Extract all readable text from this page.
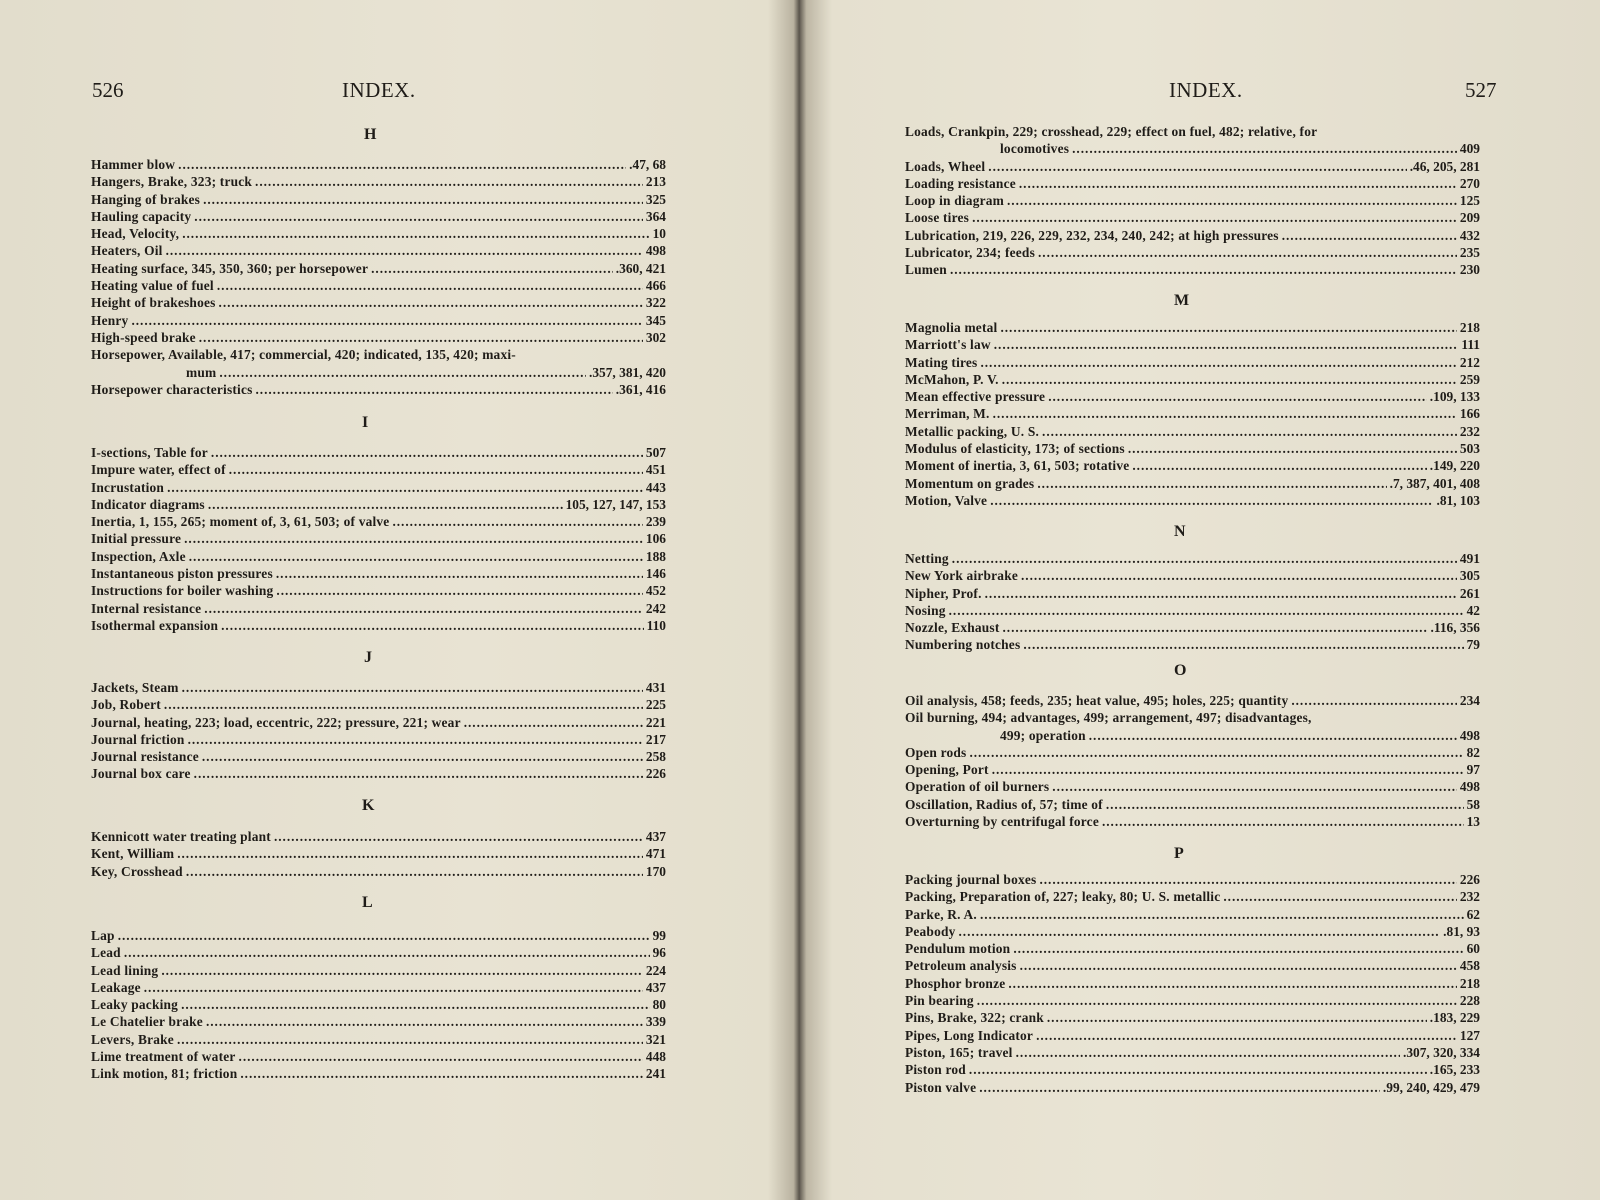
526	INDEX.
H
Hammer blow . . .	.47, 68
Hangers, Brake, 323; truck . . .	213
Hanging of brakes . . .	325
Hauling capacity . . .	364
Head, Velocity, . . .	10
Heaters, Oil . . .	498
Heating surface, 345, 350, 360; per horsepower . . .	.360, 421
Heating value of fuel . . .	466
Height of brakeshoes . . .	322
Henry . . .	345
High-speed brake . . .	302
Horsepower, Available, 417; commercial, 420; indicated, 135, 420; maxi-
mum . . .	.357, 381, 420
Horsepower characteristics . . .	.361, 416
I
I-sections, Table for . . .	507
Impure water, effect of . . .	451
Incrustation . . .	443
Indicator diagrams . . .	105, 127, 147, 153
Inertia, 1, 155, 265; moment of, 3, 61, 503; of valve . . .	239
Initial pressure . . .	106
Inspection, Axle . . .	188
Instantaneous piston pressures . . .	146
Instructions for boiler washing . . .	452
Internal resistance . . .	242
Isothermal expansion . . .	110
J
Jackets, Steam . . .	431
Job, Robert . . .	225
Journal, heating, 223; load, eccentric, 222; pressure, 221; wear . . .	221
Journal friction . . .	217
Journal resistance . . .	258
Journal box care . . .	226
K
Kennicott water treating plant . . .	437
Kent, William . . .	471
Key, Crosshead . . .	170
L
Lap . . .	99
Lead . . .	96
Lead lining . . .	224
Leakage . . .	437
Leaky packing . . .	80
Le Chatelier brake . . .	339
Levers, Brake . . .	321
Lime treatment of water . . .	448
Link motion, 81; friction . . .	241
INDEX.	527
Loads, Crankpin, 229; crosshead, 229; effect on fuel, 482; relative, for
locomotives . . .	409
Loads, Wheel . . .	.46, 205, 281
Loading resistance . . .	270
Loop in diagram . . .	125
Loose tires . . .	209
Lubrication, 219, 226, 229, 232, 234, 240, 242; at high pressures . . .	432
Lubricator, 234; feeds . . .	235
Lumen . . .	230
M
Magnolia metal . . .	218
Marriott's law . . .	111
Mating tires . . .	212
McMahon, P. V. . . .	259
Mean effective pressure . . .	.109, 133
Merriman, M. . . .	166
Metallic packing, U. S. . . .	232
Modulus of elasticity, 173; of sections . . .	503
Moment of inertia, 3, 61, 503; rotative . . .	.149, 220
Momentum on grades . . .	.7, 387, 401, 408
Motion, Valve . . .	.81, 103
N
Netting . . .	491
New York airbrake . . .	305
Nipher, Prof. . . .	261
Nosing . . .	42
Nozzle, Exhaust . . .	.116, 356
Numbering notches . . .	79
O
Oil analysis, 458; feeds, 235; heat value, 495; holes, 225; quantity . . .	234
Oil burning, 494; advantages, 499; arrangement, 497; disadvantages,
499; operation . . .	498
Open rods . . .	82
Opening, Port . . .	97
Operation of oil burners . . .	498
Oscillation, Radius of, 57; time of . . .	58
Overturning by centrifugal force . . .	13
P
Packing journal boxes . . .	226
Packing, Preparation of, 227; leaky, 80; U. S. metallic . . .	232
Parke, R. A. . . .	62
Peabody . . .	.81, 93
Pendulum motion . . .	60
Petroleum analysis . . .	458
Phosphor bronze . . .	218
Pin bearing . . .	228
Pins, Brake, 322; crank . . .	.183, 229
Pipes, Long Indicator . . .	127
Piston, 165; travel . . .	.307, 320, 334
Piston rod . . .	.165, 233
Piston valve . . .	.99, 240, 429, 479
